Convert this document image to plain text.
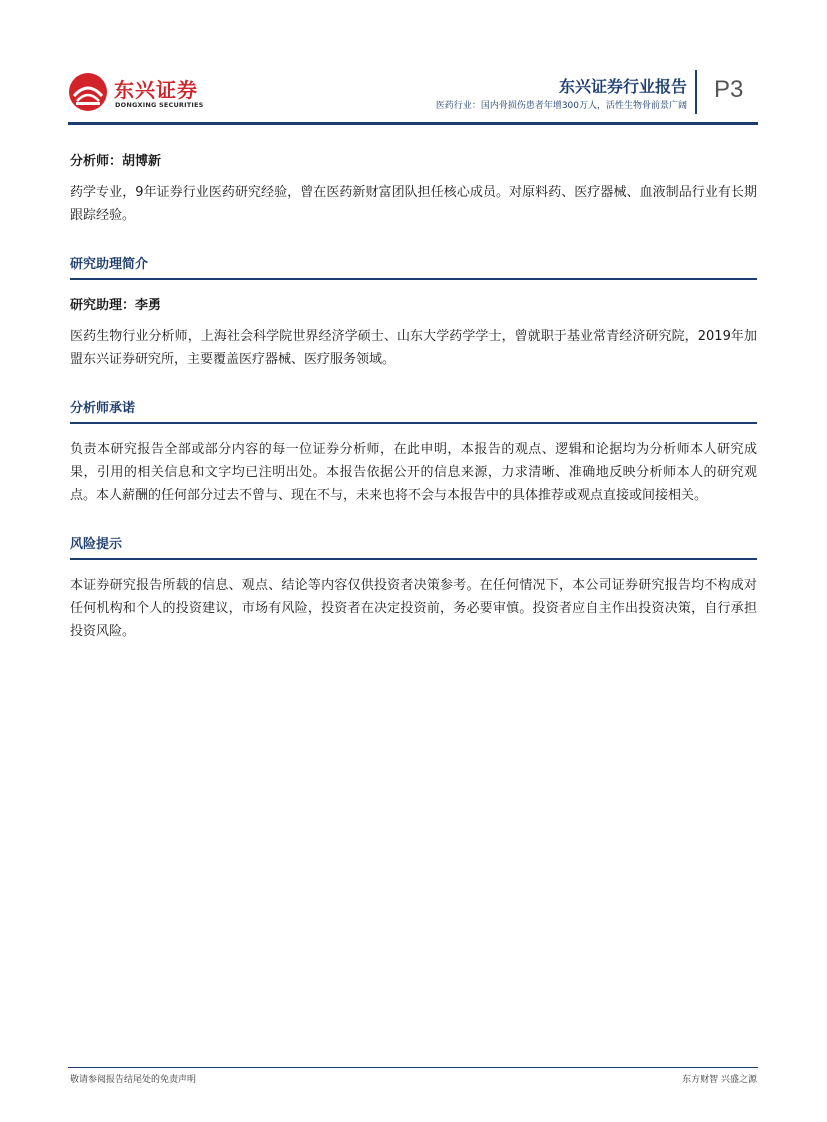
东兴证券
DONGXING SECURITIES
东兴证券行业报告
医药行业：国内骨损伤患者年增300万人，活性生物骨前景广阔
P3

分析师：胡博新

药学专业，9年证券行业医药研究经验，曾在医药新财富团队担任核心成员。对原料药、医疗器械、血液制品行业有长期跟踪经验。

研究助理简介

研究助理：李勇

医药生物行业分析师，上海社会科学院世界经济学硕士、山东大学药学学士，曾就职于基业常青经济研究院，2019年加盟东兴证券研究所，主要覆盖医疗器械、医疗服务领域。

分析师承诺

负责本研究报告全部或部分内容的每一位证券分析师，在此申明，本报告的观点、逻辑和论据均为分析师本人研究成果，引用的相关信息和文字均已注明出处。本报告依据公开的信息来源，力求清晰、准确地反映分析师本人的研究观点。本人薪酬的任何部分过去不曾与、现在不与，未来也将不会与本报告中的具体推荐或观点直接或间接相关。

风险提示

本证券研究报告所载的信息、观点、结论等内容仅供投资者决策参考。在任何情况下，本公司证券研究报告均不构成对任何机构和个人的投资建议，市场有风险，投资者在决定投资前，务必要审慎。投资者应自主作出投资决策，自行承担投资风险。

敬请参阅报告结尾处的免责声明	东方财智 兴盛之源
